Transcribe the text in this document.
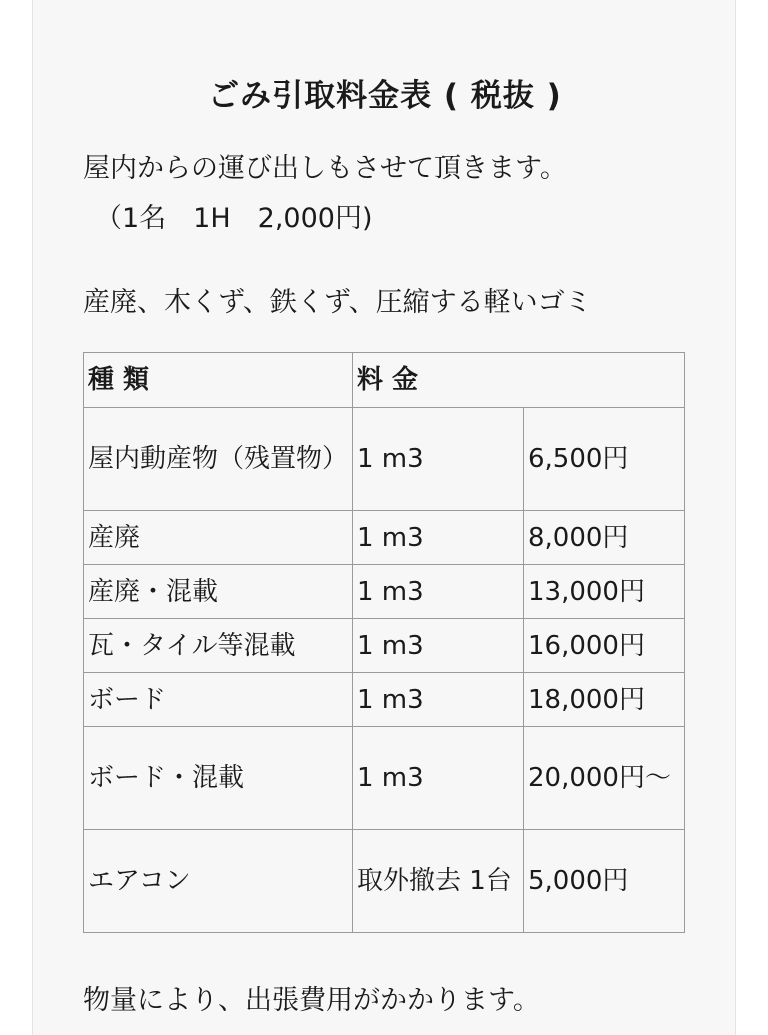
ごみ引取料金表 ( 税抜 )
屋内からの運び出しもさせて頂きます。
（1名　1H　2,000円)
産廃、木くず、鉄くず、圧縮する軽いゴミ
種 類	料 金	
屋内動産物（残置物）	1 m3	6,500円
産廃	1 m3	8,000円
産廃・混載	1 m3	13,000円
瓦・タイル等混載	1 m3	16,000円
ボード	1 m3	18,000円
ボード・混載	1 m3	20,000円～
エアコン	取外撤去 1台	5,000円
物量により、出張費用がかかります。
